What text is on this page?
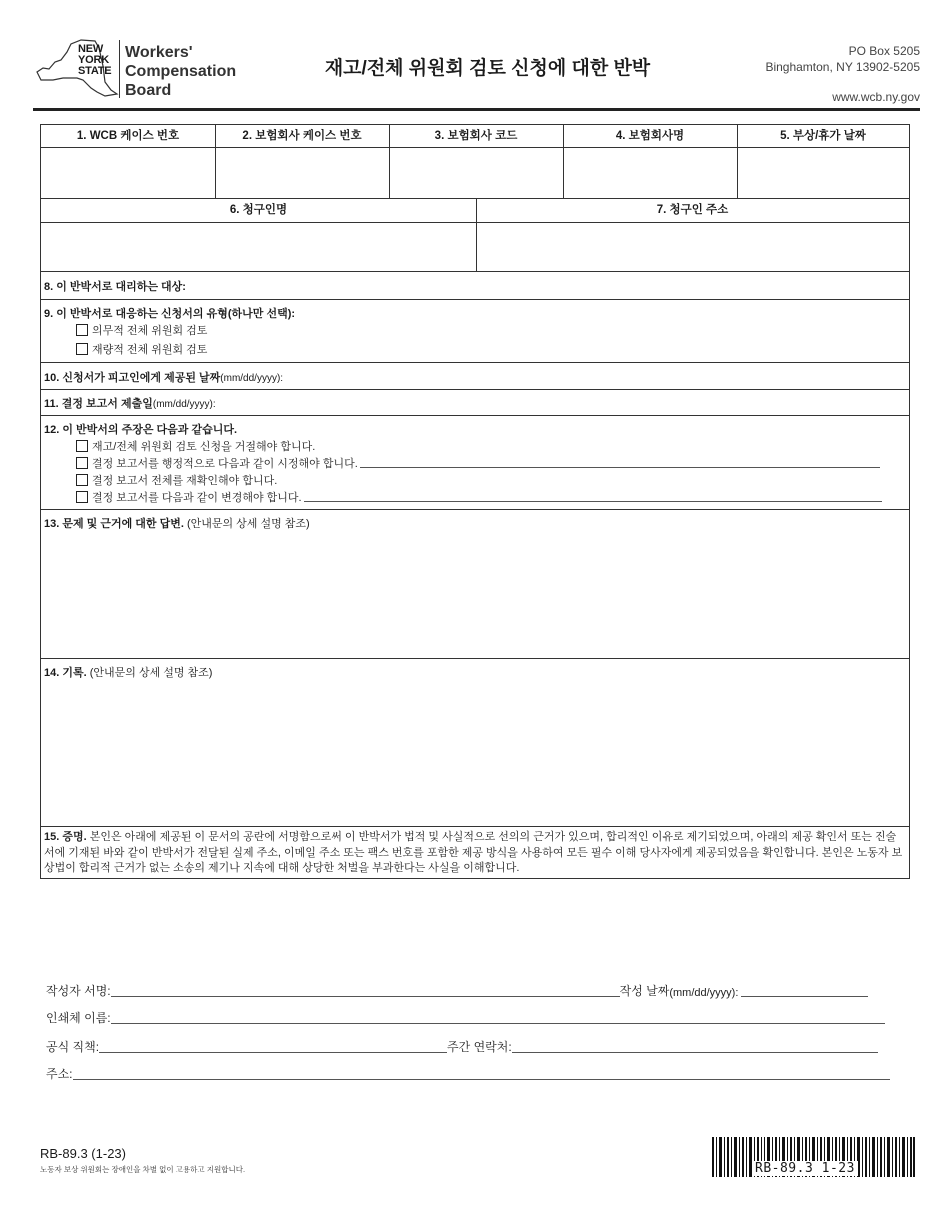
NEW
YORK
STATE
Workers'
Compensation
Board
재고/전체 위원회 검토 신청에 대한 반박
PO Box 5205
Binghamton, NY 13902-5205
www.wcb.ny.gov
1. WCB 케이스 번호	2. 보험회사 케이스 번호	3. 보험회사 코드	4. 보험회사명	5. 부상/휴가 날짜
6. 청구인명	7. 청구인 주소
8. 이 반박서로 대리하는 대상:
9. 이 반박서로 대응하는 신청서의 유형(하나만 선택):
의무적 전체 위원회 검토
재량적 전체 위원회 검토
10. 신청서가 피고인에게 제공된 날짜(mm/dd/yyyy):
11. 결정 보고서 제출일(mm/dd/yyyy):
12. 이 반박서의 주장은 다음과 같습니다.
재고/전체 위원회 검토 신청을 거절해야 합니다.
결정 보고서를 행정적으로 다음과 같이 시정해야 합니다.
결정 보고서 전체를 재확인해야 합니다.
결정 보고서를 다음과 같이 변경해야 합니다.
13. 문제 및 근거에 대한 답변. (안내문의 상세 설명 참조)
14. 기록. (안내문의 상세 설명 참조)
15. 증명. 본인은 아래에 제공된 이 문서의 공란에 서명함으로써 이 반박서가 법적 및 사실적으로 선의의 근거가 있으며, 합리적인 이유로 제기되었으며, 아래의 제공 확인서 또는 진술서에 기재된 바와 같이 반박서가 전달된 실제 주소, 이메일 주소 또는 팩스 번호를 포함한 제공 방식을 사용하여 모든 필수 이해 당사자에게 제공되었음을 확인합니다. 본인은 노동자 보상법이 합리적 근거가 없는 소송의 제기나 지속에 대해 상당한 처벌을 부과한다는 사실을 이해합니다.
작성자 서명:	작성 날짜 (mm/dd/yyyy):
인쇄체 이름:
공식 직책:	주간 연락처:
주소:
RB-89.3 (1-23)
노동자 보상 위원회는 장애인을 차별 없이 고용하고 지원합니다.	RB-89.3 1-23
